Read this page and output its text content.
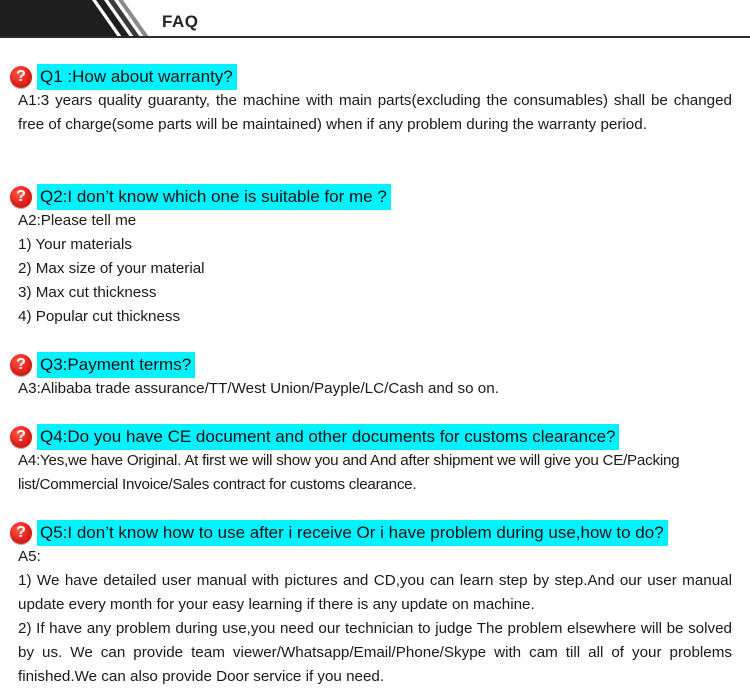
FAQ
? Q1 :How about warranty?
A1:3 years quality guaranty, the machine with main parts(excluding the consumables) shall be changed free of charge(some parts will be maintained) when if any problem during the warranty period.
? Q2:I don’t know which one is suitable for me ?
A2:Please tell me
1) Your materials
2) Max size of your material
3) Max cut thickness
4) Popular cut thickness
? Q3:Payment terms?
A3:Alibaba trade assurance/TT/West Union/Payple/LC/Cash and so on.
? Q4:Do you have CE document and other documents for customs clearance?
A4:Yes,we have Original. At first we will show you and And after shipment we will give you CE/Packing list/Commercial Invoice/Sales contract for customs clearance.
? Q5:I don’t know how to use after i receive Or i have problem during use,how to do?
A5:
1) We have detailed user manual with pictures and CD,you can learn step by step.And our user manual update every month for your easy learning if there is any update on machine.
2) If have any problem during use,you need our technician to judge The problem elsewhere will be solved by us. We can provide team viewer/Whatsapp/Email/Phone/Skype with cam till all of your problems finished.We can also provide Door service if you need.
